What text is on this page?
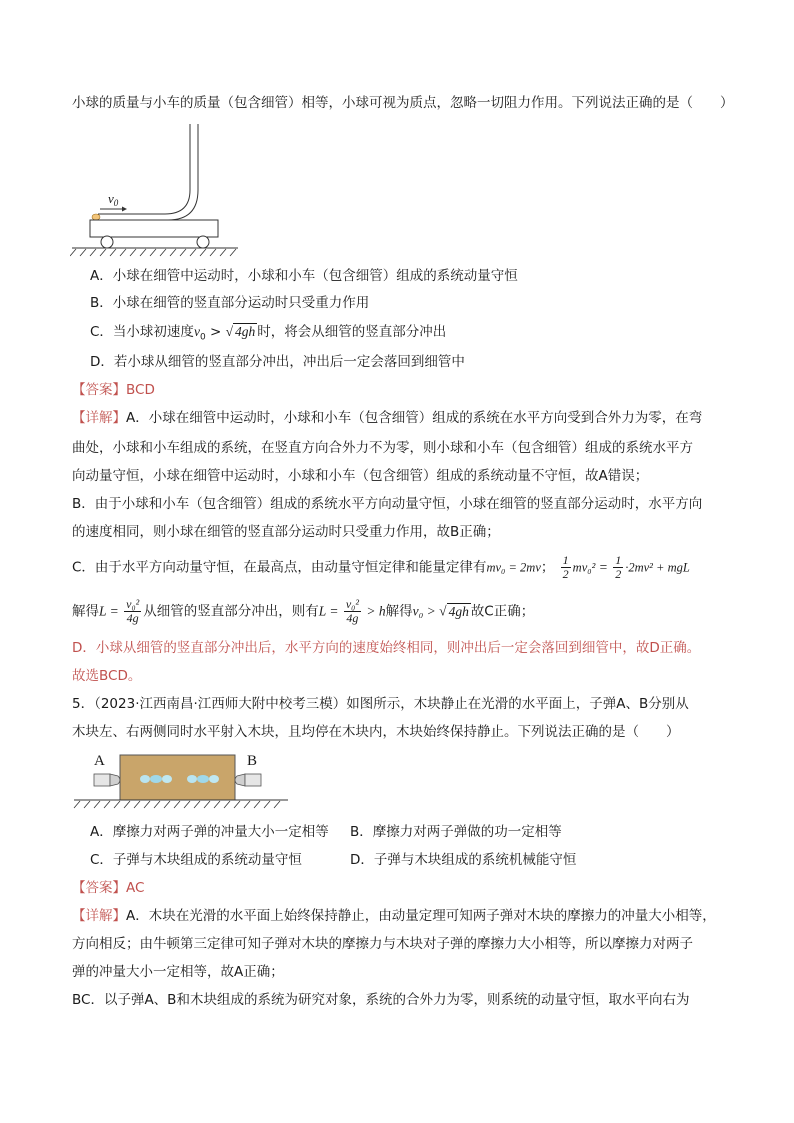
小球的质量与小车的质量（包含细管）相等，小球可视为质点，忽略一切阻力作用。下列说法正确的是（　　）
$v_0$
A．小球在细管中运动时，小球和小车（包含细管）组成的系统动量守恒
B．小球在细管的竖直部分运动时只受重力作用
C．当小球初速度$v_0$ > √ 4gh 时，将会从细管的竖直部分冲出
D．若小球从细管的竖直部分冲出，冲出后一定会落回到细管中
【答案】BCD
【详解】A．小球在细管中运动时，小球和小车（包含细管）组成的系统在水平方向受到合外力为零，在弯
曲处，小球和小车组成的系统，在竖直方向合外力不为零，则小球和小车（包含细管）组成的系统水平方
向动量守恒，小球在细管中运动时，小球和小车（包含细管）组成的系统动量不守恒，故A错误；
B．由于小球和小车（包含细管）组成的系统水平方向动量守恒，小球在细管的竖直部分运动时，水平方向
的速度相同，则小球在细管的竖直部分运动时只受重力作用，故B正确；
C．由于水平方向动量守恒，在最高点，由动量守恒定律和能量定律有mv₀ = 2mv； $\frac{1}{2} mv_0^2 = \frac{1}{2} \cdot 2mv^2$ + mgL
解得$L = \frac{\text{v₀²}}{4g}$ 从细管的竖直部分冲出，则有$L = \frac{\text{v₀²}}{4g} > h$解得v₀ > √ 4gh 故C正确；
D．小球从细管的竖直部分冲出后，水平方向的速度始终相同，则冲出后一定会落回到细管中，故D正确。
故选BCD。
5．（2023·江西南昌·江西师大附中校考三模）如图所示，木块静止在光滑的水平面上，子弹A、B分别从
木块左、右两侧同时水平射入木块，且均停在木块内，木块始终保持静止。下列说法正确的是（　　）
A	B
A．摩擦力对两子弹的冲量大小一定相等 B．摩擦力对两子弹做的功一定相等
C．子弹与木块组成的系统动量守恒	D．子弹与木块组成的系统机械能守恒
【答案】AC
【详解】A．木块在光滑的水平面上始终保持静止，由动量定理可知两子弹对木块的摩擦力的冲量大小相等，
方向相反；由牛顿第三定律可知子弹对木块的摩擦力与木块对子弹的摩擦力大小相等，所以摩擦力对两子
弹的冲量大小一定相等，故A正确；
BC．以子弹A、B和木块组成的系统为研究对象，系统的合外力为零，则系统的动量守恒，取水平向右为
